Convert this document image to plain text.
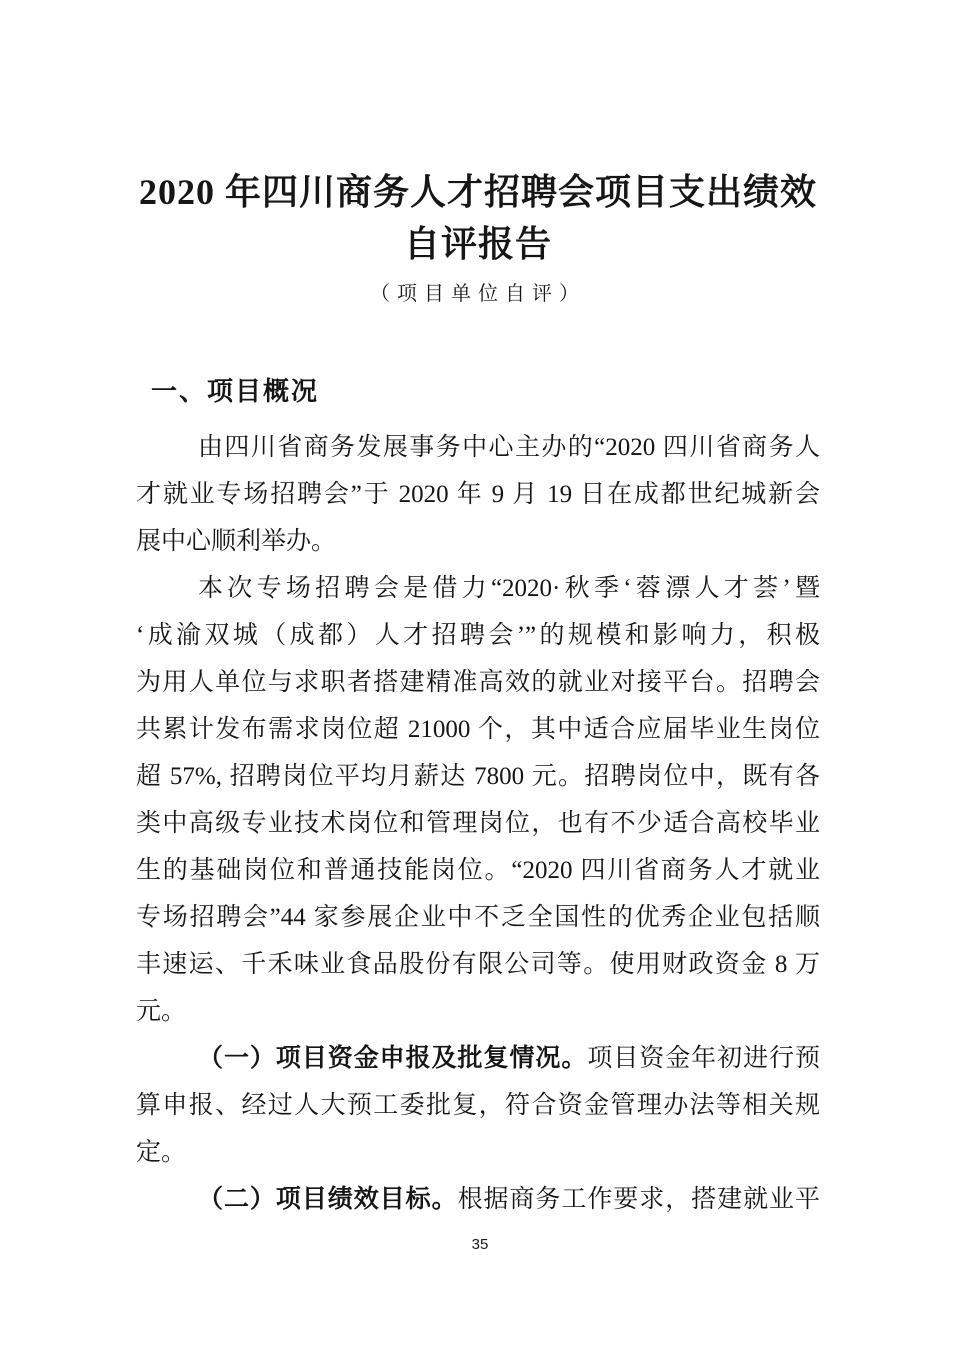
2020 年四川商务人才招聘会项目支出绩效
自评报告
（项目单位自评）
一、项目概况
由四川省商务发展事务中心主办的“2020 四川省商务人
才就业专场招聘会”于 2020 年 9 月 19 日在成都世纪城新会
展中心顺利举办。
本次专场招聘会是借力“2020·秋季‘蓉漂人才荟’暨
‘成渝双城（成都）人才招聘会’”的规模和影响力，积极
为用人单位与求职者搭建精准高效的就业对接平台。招聘会
共累计发布需求岗位超 21000 个，其中适合应届毕业生岗位
超 57%, 招聘岗位平均月薪达 7800 元。招聘岗位中，既有各
类中高级专业技术岗位和管理岗位，也有不少适合高校毕业
生的基础岗位和普通技能岗位。“2020 四川省商务人才就业
专场招聘会”44 家参展企业中不乏全国性的优秀企业包括顺
丰速运、千禾味业食品股份有限公司等。使用财政资金 8 万
元。
（一）项目资金申报及批复情况。项目资金年初进行预
算申报、经过人大预工委批复，符合资金管理办法等相关规
定。
（二）项目绩效目标。根据商务工作要求，搭建就业平
35
